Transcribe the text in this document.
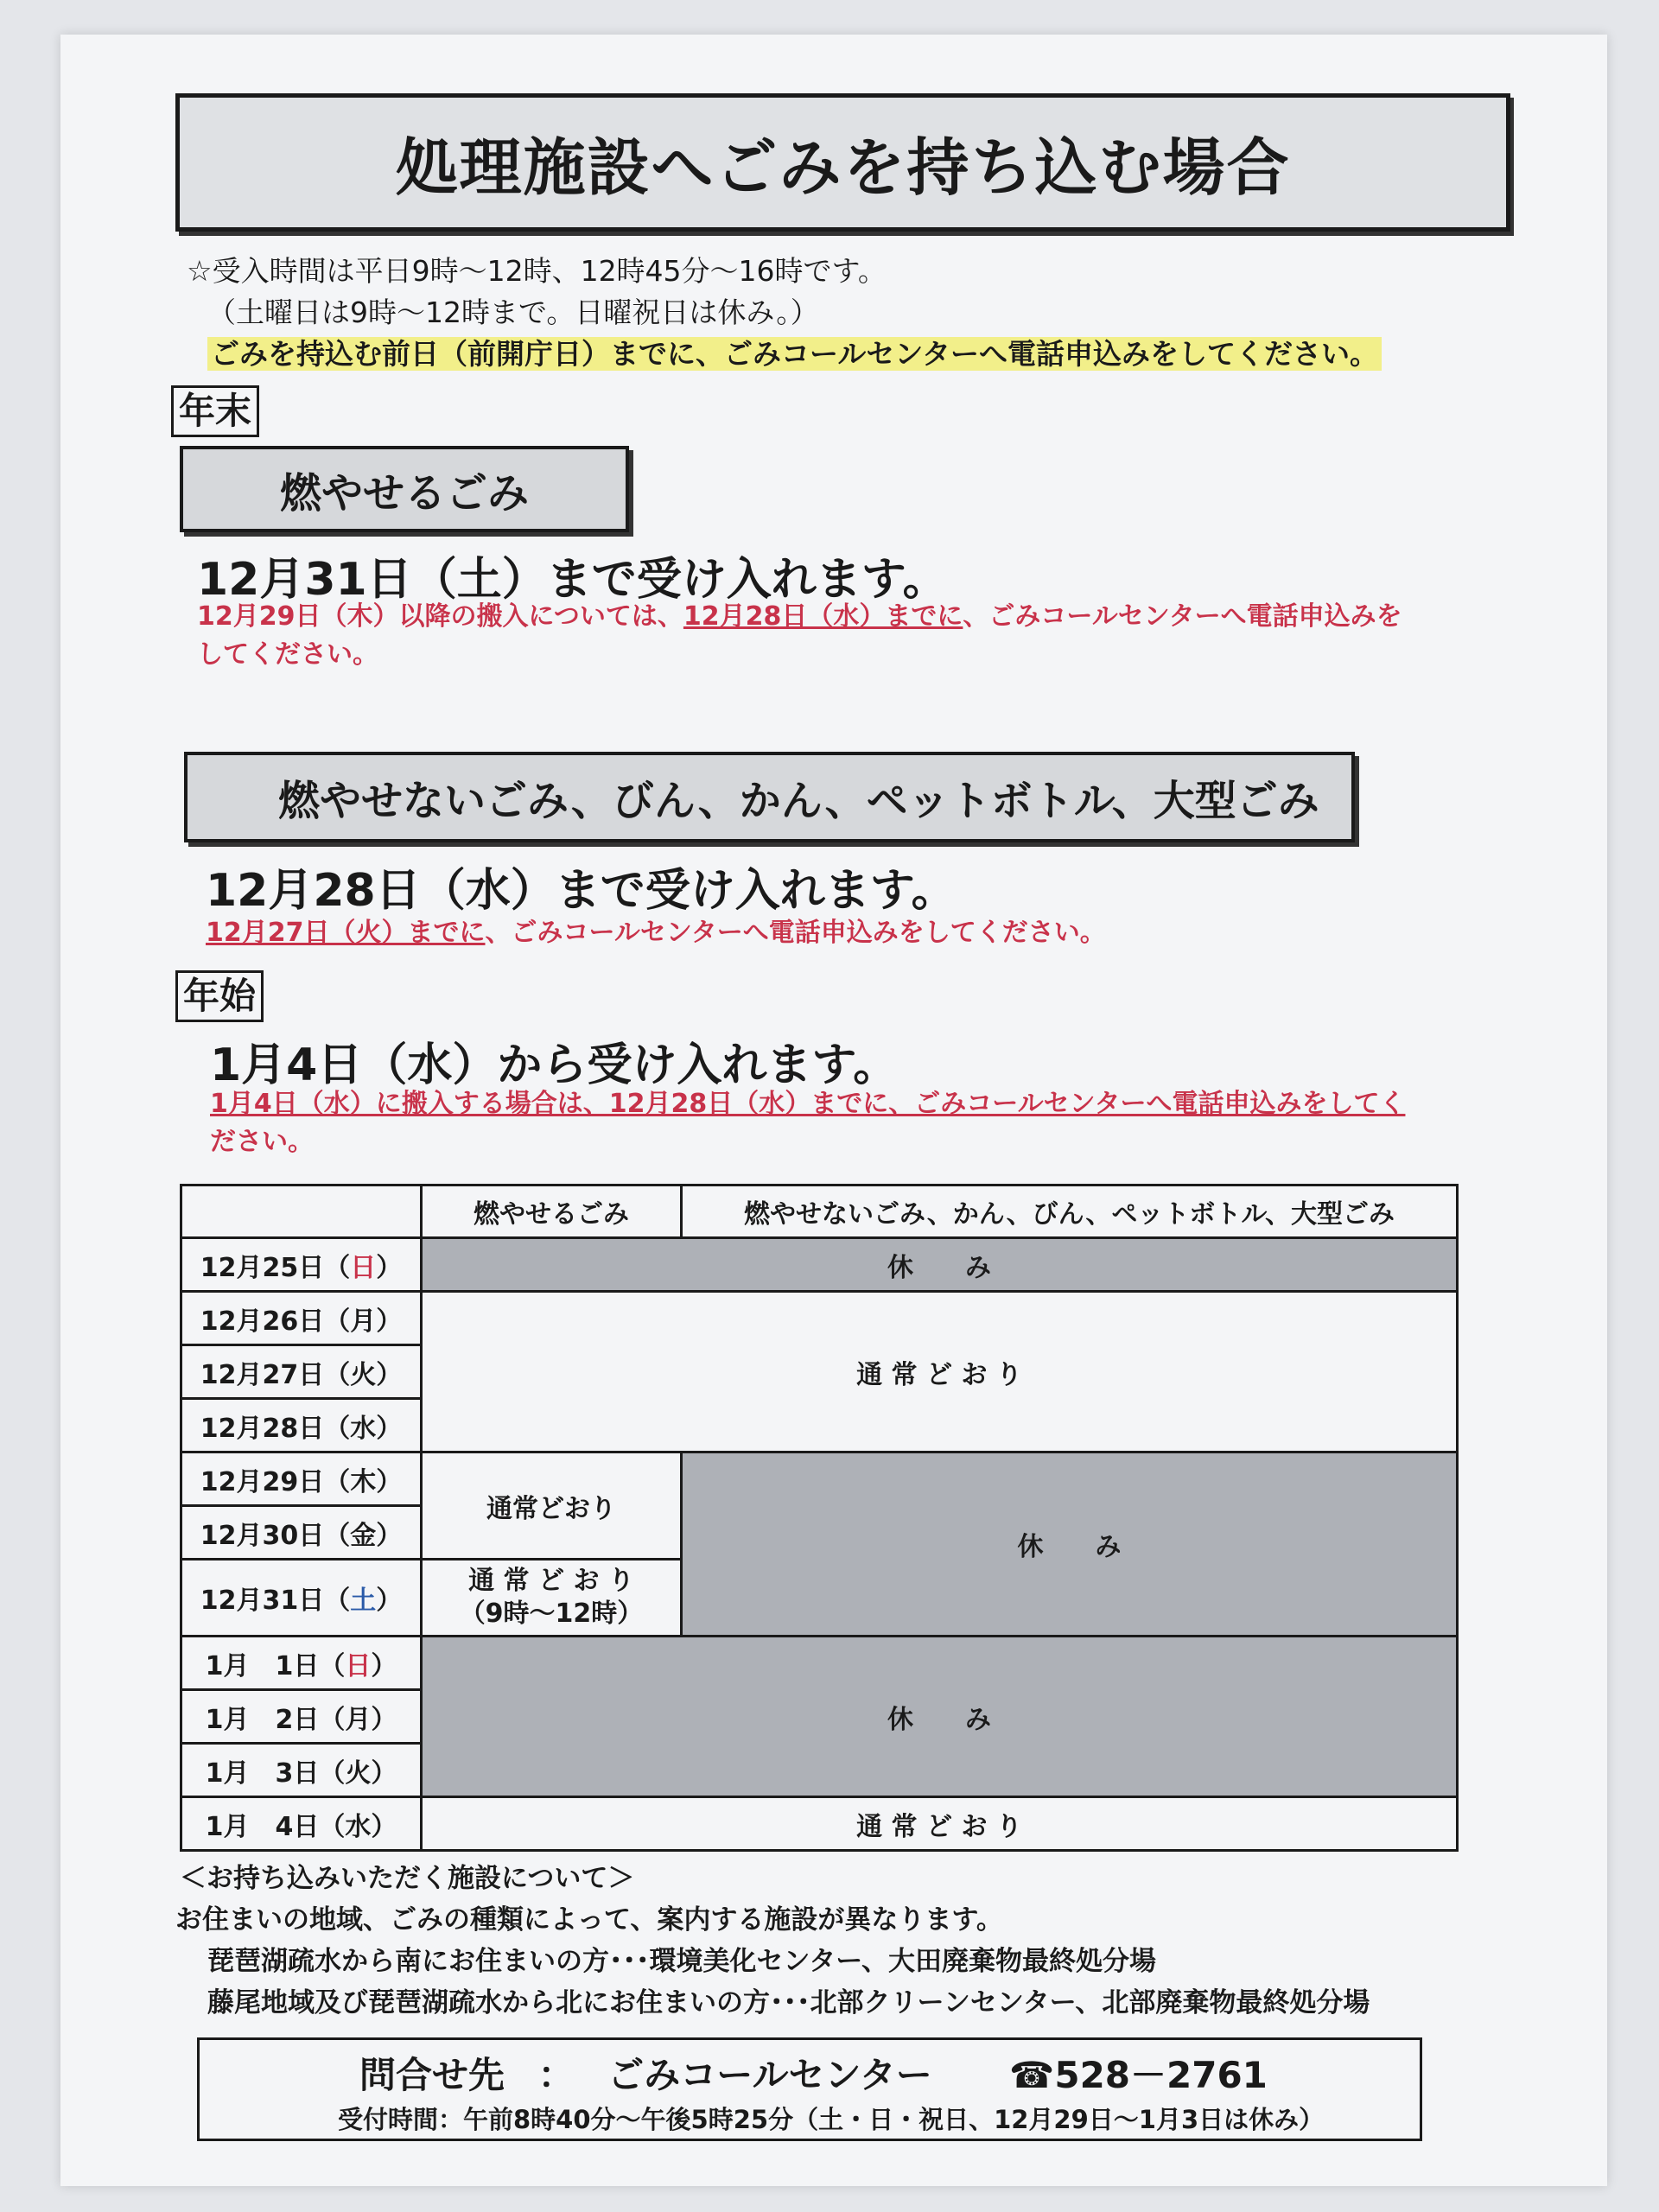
処理施設へごみを持ち込む場合
☆受入時間は平日9時～12時、12時45分～16時です。
（土曜日は9時～12時まで。日曜祝日は休み。）
ごみを持込む前日（前開庁日）までに、ごみコールセンターへ電話申込みをしてください。
年末
燃やせるごみ
12月31日（土）まで受け入れます。
12月29日（木）以降の搬入については、12月28日（水）までに、ごみコールセンターへ電話申込みを
してください。
燃やせないごみ、びん、かん、ペットボトル、大型ごみ
12月28日（水）まで受け入れます。
12月27日（火）までに、ごみコールセンターへ電話申込みをしてください。
年始
1月4日（水）から受け入れます。
1月4日（水）に搬入する場合は、12月28日（水）までに、ごみコールセンターへ電話申込みをしてく
ださい。
	燃やせるごみ	燃やせないごみ、かん、びん、ペットボトル、大型ごみ
12月25日（日）	休　　み	
12月26日（月）	通 常 ど お り	
12月27日（火）		
12月28日（水）		
12月29日（木）	通常どおり	休　　み
12月30日（金）		
12月31日（土）	通 常 ど お り
（9時～12時）	
1月　1日（日）	休　　み	
1月　2日（月）		
1月　3日（火）		
1月　4日（水）	通 常 ど お り	
＜お持ち込みいただく施設について＞
お住まいの地域、ごみの種類によって、案内する施設が異なります。
琵琶湖疏水から南にお住まいの方･･･環境美化センター、大田廃棄物最終処分場
藤尾地域及び琵琶湖疏水から北にお住まいの方･･･北部クリーンセンター、北部廃棄物最終処分場
問合せ先 ： ごみコールセンター ☎528－2761
受付時間：午前8時40分～午後5時25分（土・日・祝日、12月29日～1月3日は休み）
